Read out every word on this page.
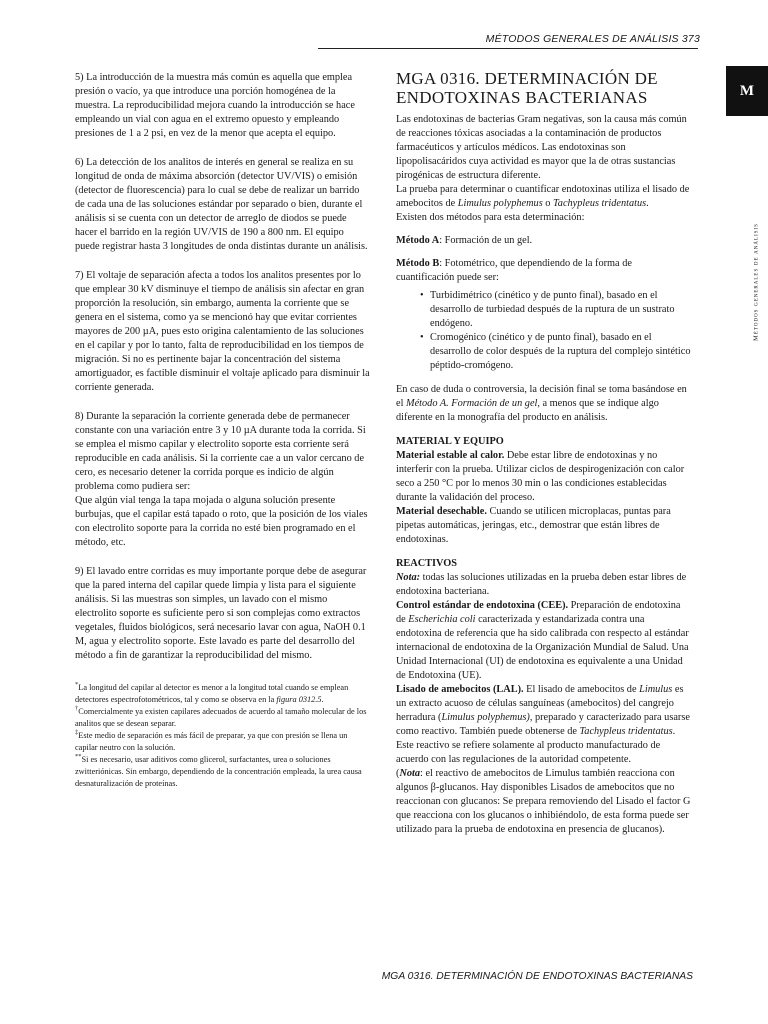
MÉTODOS GENERALES DE ANÁLISIS 373
M
Métodos generales de análisis

5) La introducción de la muestra más común es aquella que emplea presión o vacío, ya que introduce una porción homogénea de la muestra. La reproducibilidad mejora cuando la introducción se hace empleando un vial con agua en el extremo opuesto y empleando presiones de 1 a 2 psi, en vez de la menor que acepta el equipo.

6) La detección de los analitos de interés en general se realiza en su longitud de onda de máxima absorción (detector UV/VIS) o emisión (detector de fluorescencia) para lo cual se debe de realizar un barrido de cada una de las soluciones estándar por separado o bien, durante el análisis si se cuenta con un detector de arreglo de diodos se puede hacer el barrido en la región UV/VIS de 190 a 800 nm. El equipo puede registrar hasta 3 longitudes de onda distintas durante un análisis.

7) El voltaje de separación afecta a todos los analitos presentes por lo que emplear 30 kV disminuye el tiempo de análisis sin afectar en gran proporción la resolución, sin embargo, aumenta la corriente que se genera en el sistema, como ya se mencionó hay que evitar corrientes mayores de 200 µA, pues esto origina calentamiento de las soluciones en el capilar y por lo tanto, falta de reproducibilidad en los tiempos de migración. Si no es pertinente bajar la concentración del sistema amortiguador, es factible disminuir el voltaje aplicado para disminuir la corriente generada.

8) Durante la separación la corriente generada debe de permanecer constante con una variación entre 3 y 10 µA durante toda la corrida. Si se emplea el mismo capilar y electrolito soporte esta corriente será reproducible en cada análisis. Si la corriente cae a un valor cercano de cero, es necesario detener la corrida porque es indicio de algún problema como pudiera ser:

Que algún vial tenga la tapa mojada o alguna solución presente burbujas, que el capilar está tapado o roto, que la posición de los viales con electrolito soporte para la corrida no esté bien programado en el método, etc.

9) El lavado entre corridas es muy importante porque debe de asegurar que la pared interna del capilar quede limpia y lista para el siguiente análisis. Si las muestras son simples, un lavado con el mismo electrolito soporte es suficiente pero si son complejas como extractos vegetales, fluidos biológicos, será necesario lavar con agua, NaOH 0.1 M, agua y electrolito soporte. Este lavado es parte del desarrollo del método a fin de garantizar la reproducibilidad del mismo.

*La longitud del capilar al detector es menor a la longitud total cuando se emplean detectores espectrofotométricos, tal y como se observa en la figura 0312.5.

†Comercialmente ya existen capilares adecuados de acuerdo al tamaño molecular de los analitos que se desean separar.

‡Este medio de separación es más fácil de preparar, ya que con presión se llena un capilar neutro con la solución.

**Si es necesario, usar aditivos como glicerol, surfactantes, urea o soluciones zwitteriónicas. Sin embargo, dependiendo de la concentración empleada, la urea causa desnaturalización de proteínas.

MGA 0316. DETERMINACIÓN DE
ENDOTOXINAS BACTERIANAS

Las endotoxinas de bacterias Gram negativas, son la causa más común de reacciones tóxicas asociadas a la contaminación de productos farmacéuticos y artículos médicos. Las endotoxinas son lipopolisacáridos cuya actividad es mayor que la de otras sustancias pirogénicas de estructura diferente.

La prueba para determinar o cuantificar endotoxinas utiliza el lisado de amebocitos de Limulus polyphemus o Tachypleus tridentatus.

Existen dos métodos para esta determinación:

Método A: Formación de un gel.

Método B: Fotométrico, que dependiendo de la forma de cuantificación puede ser:

• Turbidimétrico (cinético y de punto final), basado en el desarrollo de turbiedad después de la ruptura de un sustrato endógeno.
• Cromogénico (cinético y de punto final), basado en el desarrollo de color después de la ruptura del complejo sintético péptido-cromógeno.

En caso de duda o controversia, la decisión final se toma basándose en el Método A. Formación de un gel, a menos que se indique algo diferente en la monografía del producto en análisis.

MATERIAL Y EQUIPO

Material estable al calor. Debe estar libre de endotoxinas y no interferir con la prueba. Utilizar ciclos de despirogenización con calor seco a 250 °C por lo menos 30 min o las condiciones establecidas durante la validación del proceso.

Material desechable. Cuando se utilicen microplacas, puntas para pipetas automáticas, jeringas, etc., demostrar que están libres de endotoxinas.

REACTIVOS

Nota: todas las soluciones utilizadas en la prueba deben estar libres de endotoxina bacteriana.

Control estándar de endotoxina (CEE). Preparación de endotoxina de Escherichia coli caracterizada y estandarizada contra una endotoxina de referencia que ha sido calibrada con respecto al estándar internacional de endotoxina de la Organización Mundial de Salud. Una Unidad Internacional (UI) de endotoxina es equivalente a una Unidad de Endotoxina (UE).

Lisado de amebocitos (LAL). El lisado de amebocitos de Limulus es un extracto acuoso de células sanguíneas (amebocitos) del cangrejo herradura (Limulus polyphemus), preparado y caracterizado para usarse como reactivo. También puede obtenerse de Tachypleus tridentatus. Este reactivo se refiere solamente al producto manufacturado de acuerdo con las regulaciones de la autoridad competente.

(Nota: el reactivo de amebocitos de Limulus también reacciona con algunos β-glucanos. Hay disponibles Lisados de amebocitos que no reaccionan con glucanos: Se prepara removiendo del Lisado el factor G que reacciona con los glucanos o inhibiéndolo, de esta forma puede ser utilizado para la prueba de endotoxina en presencia de glucanos).

MGA 0316. DETERMINACIÓN DE ENDOTOXINAS BACTERIANAS
